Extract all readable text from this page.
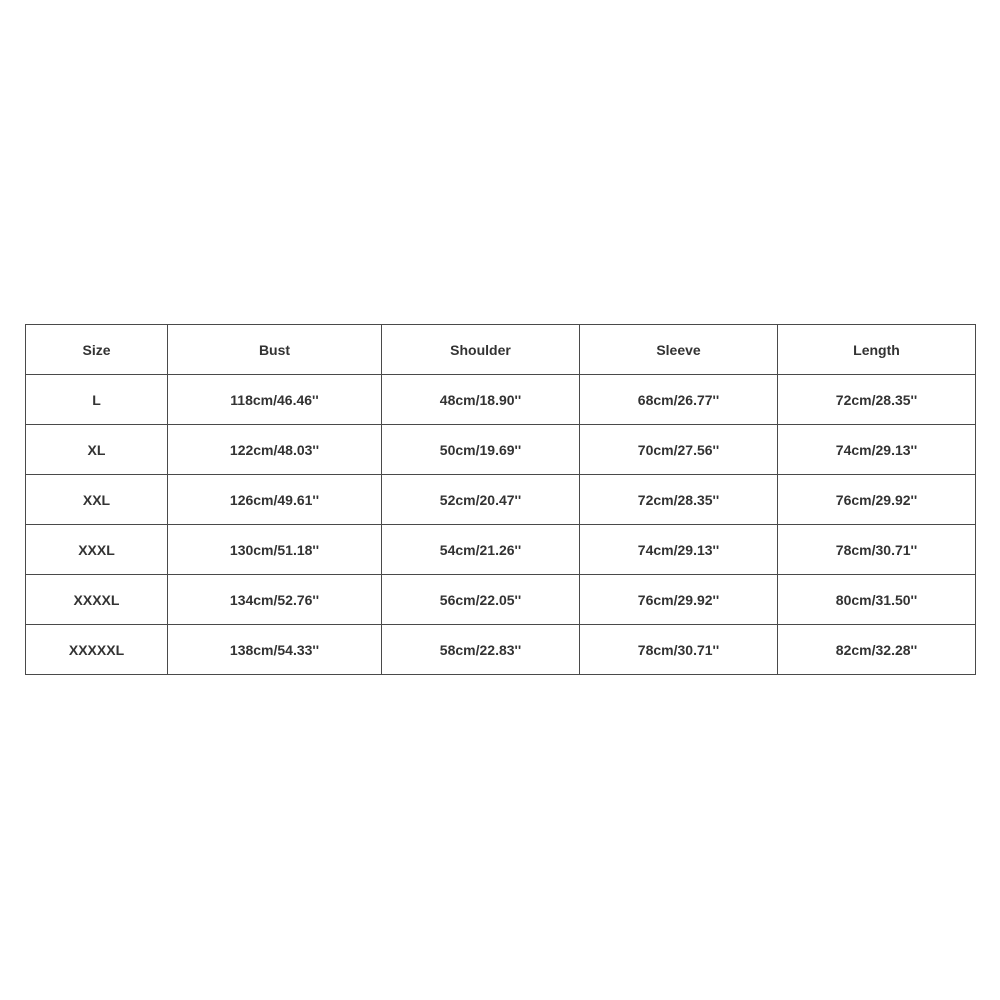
Size	Bust	Shoulder	Sleeve	Length
L	118cm/46.46''	48cm/18.90''	68cm/26.77''	72cm/28.35''
XL	122cm/48.03''	50cm/19.69''	70cm/27.56''	74cm/29.13''
XXL	126cm/49.61''	52cm/20.47''	72cm/28.35''	76cm/29.92''
XXXL	130cm/51.18''	54cm/21.26''	74cm/29.13''	78cm/30.71''
XXXXL	134cm/52.76''	56cm/22.05''	76cm/29.92''	80cm/31.50''
XXXXXL	138cm/54.33''	58cm/22.83''	78cm/30.71''	82cm/32.28''
